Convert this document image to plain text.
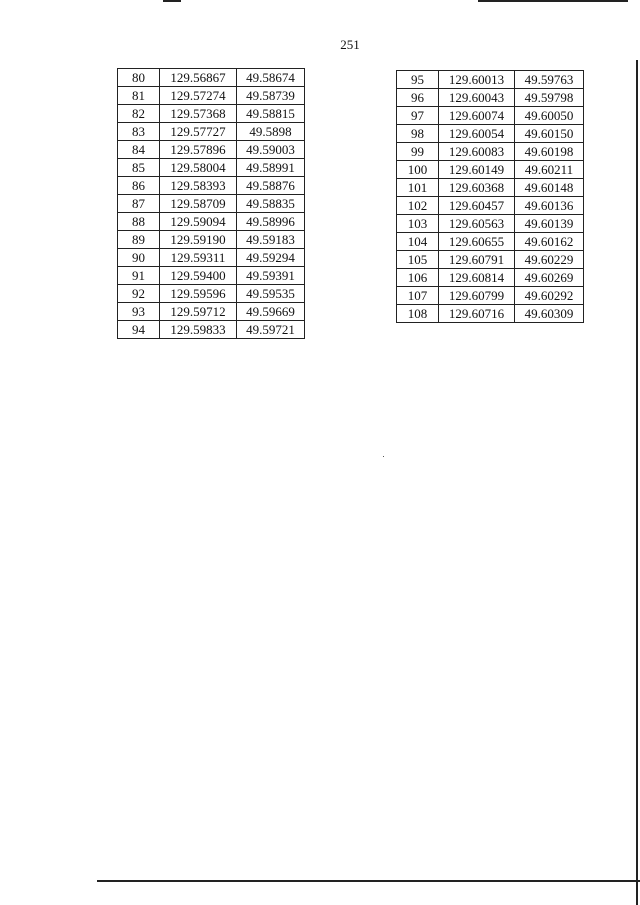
251
80	129.56867	49.58674
81	129.57274	49.58739
82	129.57368	49.58815
83	129.57727	49.5898
84	129.57896	49.59003
85	129.58004	49.58991
86	129.58393	49.58876
87	129.58709	49.58835
88	129.59094	49.58996
89	129.59190	49.59183
90	129.59311	49.59294
91	129.59400	49.59391
92	129.59596	49.59535
93	129.59712	49.59669
94	129.59833	49.59721
95	129.60013	49.59763
96	129.60043	49.59798
97	129.60074	49.60050
98	129.60054	49.60150
99	129.60083	49.60198
100	129.60149	49.60211
101	129.60368	49.60148
102	129.60457	49.60136
103	129.60563	49.60139
104	129.60655	49.60162
105	129.60791	49.60229
106	129.60814	49.60269
107	129.60799	49.60292
108	129.60716	49.60309
